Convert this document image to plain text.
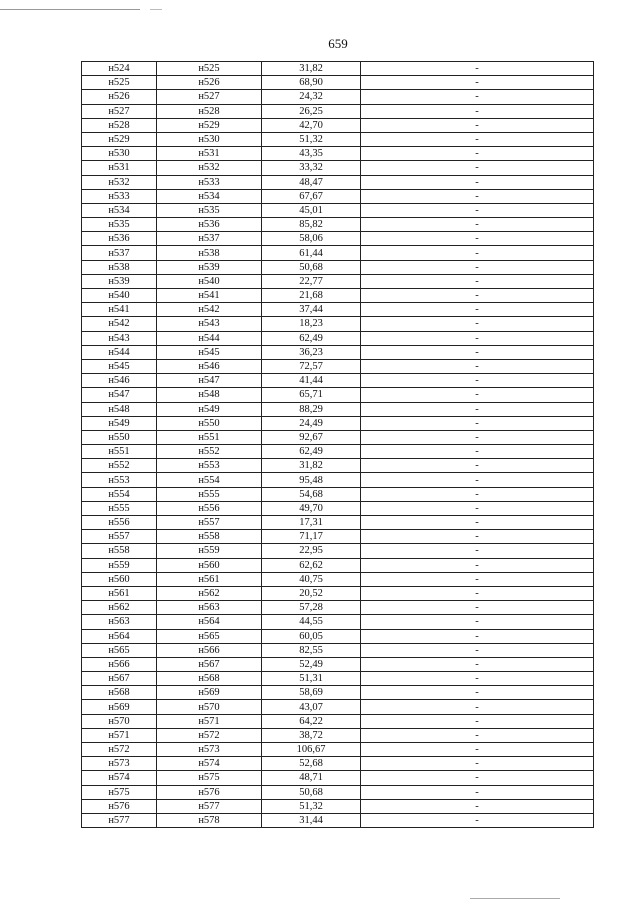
659
н524	н525	31,82	-
н525	н526	68,90	-
н526	н527	24,32	-
н527	н528	26,25	-
н528	н529	42,70	-
н529	н530	51,32	-
н530	н531	43,35	-
н531	н532	33,32	-
н532	н533	48,47	-
н533	н534	67,67	-
н534	н535	45,01	-
н535	н536	85,82	-
н536	н537	58,06	-
н537	н538	61,44	-
н538	н539	50,68	-
н539	н540	22,77	-
н540	н541	21,68	-
н541	н542	37,44	-
н542	н543	18,23	-
н543	н544	62,49	-
н544	н545	36,23	-
н545	н546	72,57	-
н546	н547	41,44	-
н547	н548	65,71	-
н548	н549	88,29	-
н549	н550	24,49	-
н550	н551	92,67	-
н551	н552	62,49	-
н552	н553	31,82	-
н553	н554	95,48	-
н554	н555	54,68	-
н555	н556	49,70	-
н556	н557	17,31	-
н557	н558	71,17	-
н558	н559	22,95	-
н559	н560	62,62	-
н560	н561	40,75	-
н561	н562	20,52	-
н562	н563	57,28	-
н563	н564	44,55	-
н564	н565	60,05	-
н565	н566	82,55	-
н566	н567	52,49	-
н567	н568	51,31	-
н568	н569	58,69	-
н569	н570	43,07	-
н570	н571	64,22	-
н571	н572	38,72	-
н572	н573	106,67	-
н573	н574	52,68	-
н574	н575	48,71	-
н575	н576	50,68	-
н576	н577	51,32	-
н577	н578	31,44	-
